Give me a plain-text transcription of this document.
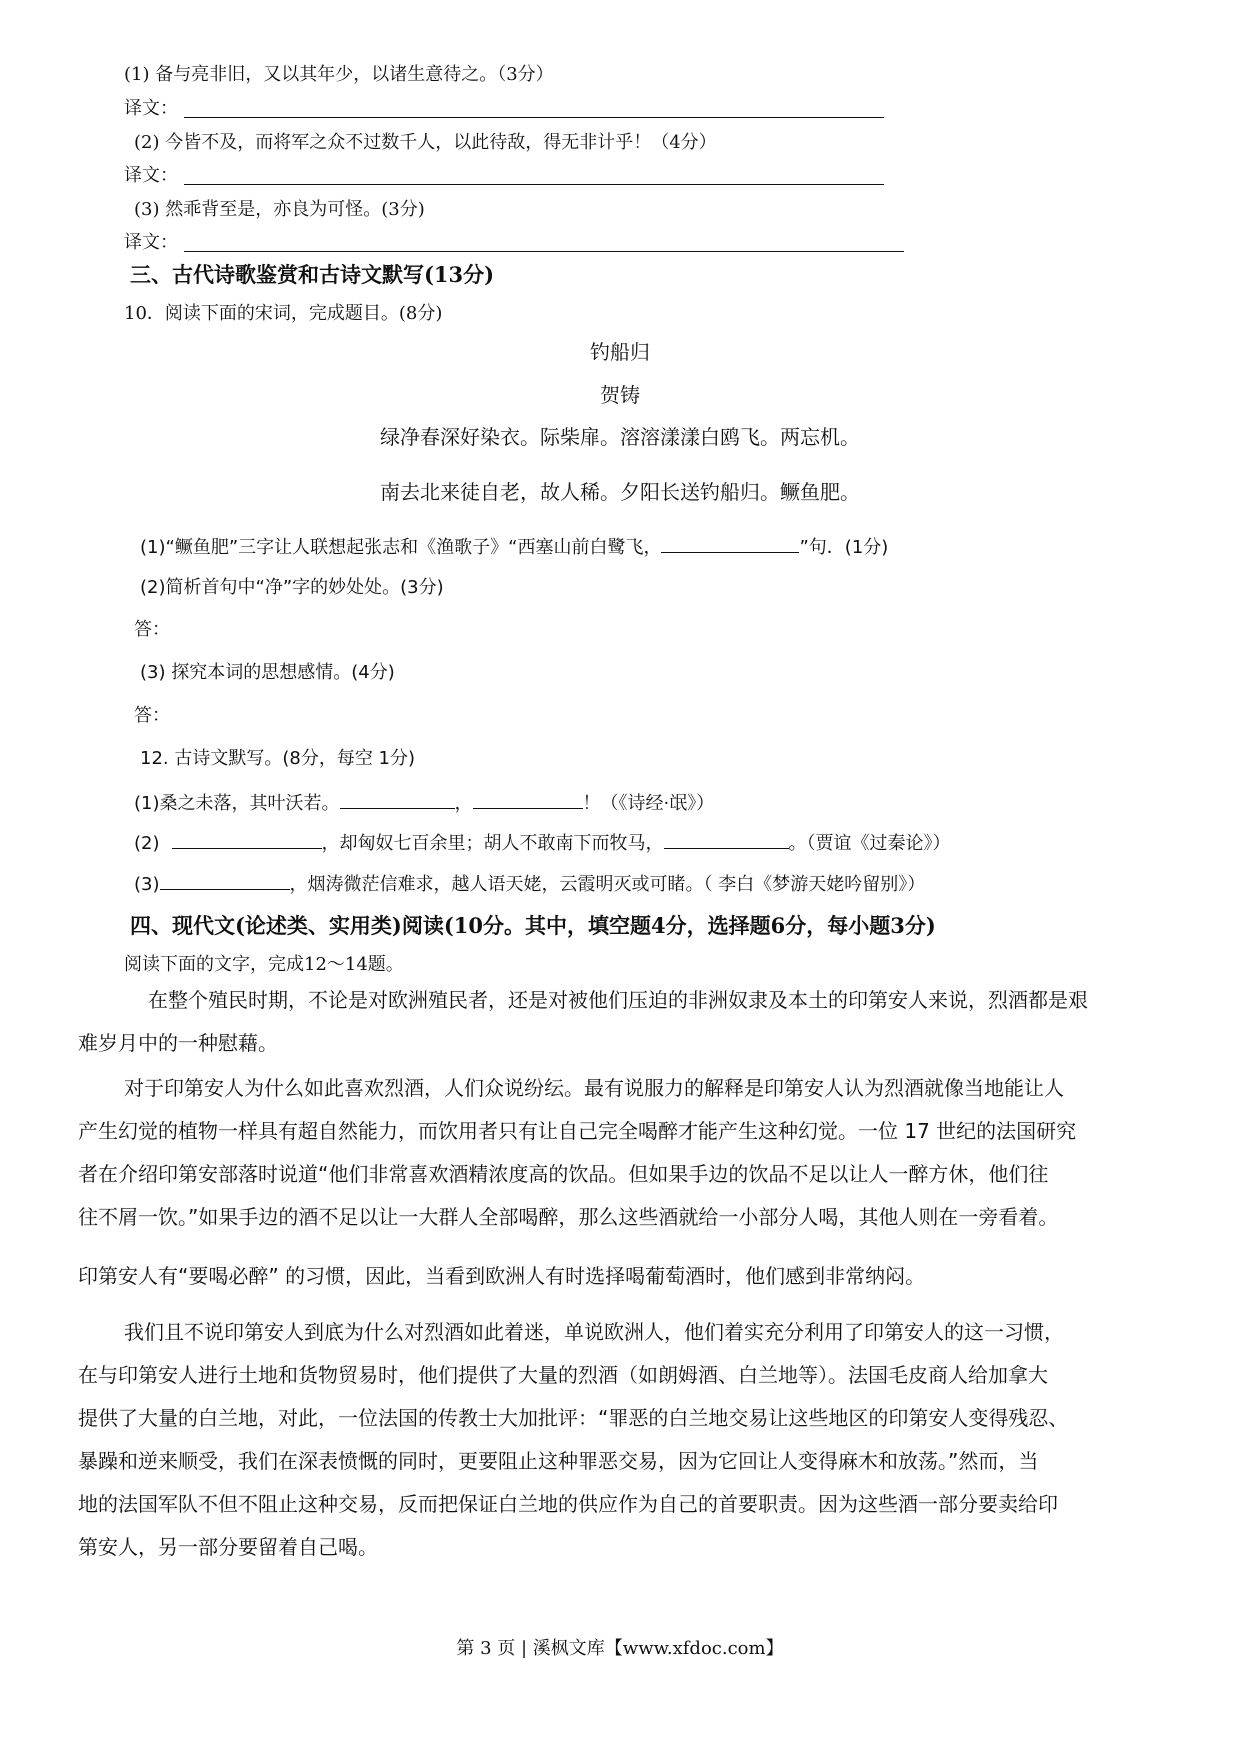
(1) 备与亮非旧，又以其年少，以诸生意待之。（3分）
译文：
(2) 今皆不及，而将军之众不过数千人，以此待敌，得无非计乎！（4分）
译文：
(3) 然乖背至是，亦良为可怪。(3分)
译文：
三、古代诗歌鉴赏和古诗文默写(13分)
10．阅读下面的宋词，完成题目。(8分)
钓船归
贺铸
绿净春深好染衣。际柴扉。溶溶漾漾白鸥飞。两忘机。
南去北来徒自老，故人稀。夕阳长送钓船归。鳜鱼肥。
(1)“鳜鱼肥”三字让人联想起张志和《渔歌子》“西塞山前白鹭飞，	”句．(1分)
(2)简析首句中“净”字的妙处处。(3分)
答：
(3) 探究本词的思想感情。(4分)
答：
12. 古诗文默写。(8分，每空 1分)
(1)桑之未落，其叶沃若。	，	！（《诗经·氓》）
(2)	，却匈奴七百余里；胡人不敢南下而牧马，	。（贾谊《过秦论》）
(3)	，烟涛微茫信难求，越人语天姥，云霞明灭或可睹。（ 李白《梦游天姥吟留别》）
四、现代文(论述类、实用类)阅读(10分。其中，填空题4分，选择题6分，每小题3分)
阅读下面的文字，完成12～14题。
在整个殖民时期，不论是对欧洲殖民者，还是对被他们压迫的非洲奴隶及本土的印第安人来说，烈酒都是艰
难岁月中的一种慰藉。
对于印第安人为什么如此喜欢烈酒，人们众说纷纭。最有说服力的解释是印第安人认为烈酒就像当地能让人
产生幻觉的植物一样具有超自然能力，而饮用者只有让自己完全喝醉才能产生这种幻觉。一位 17 世纪的法国研究
者在介绍印第安部落时说道“他们非常喜欢酒精浓度高的饮品。但如果手边的饮品不足以让人一醉方休，他们往
往不屑一饮。”如果手边的酒不足以让一大群人全部喝醉，那么这些酒就给一小部分人喝，其他人则在一旁看着。
印第安人有“要喝必醉” 的习惯，因此，当看到欧洲人有时选择喝葡萄酒时，他们感到非常纳闷。
我们且不说印第安人到底为什么对烈酒如此着迷，单说欧洲人，他们着实充分利用了印第安人的这一习惯，
在与印第安人进行土地和货物贸易时，他们提供了大量的烈酒（如朗姆酒、白兰地等）。法国毛皮商人给加拿大
提供了大量的白兰地，对此，一位法国的传教士大加批评：“罪恶的白兰地交易让这些地区的印第安人变得残忍、
暴躁和逆来顺受，我们在深表愤慨的同时，更要阻止这种罪恶交易，因为它回让人变得麻木和放荡。”然而，当
地的法国军队不但不阻止这种交易，反而把保证白兰地的供应作为自己的首要职责。因为这些酒一部分要卖给印
第安人，另一部分要留着自己喝。
第 3 页 | 溪枫文库【www.xfdoc.com】
